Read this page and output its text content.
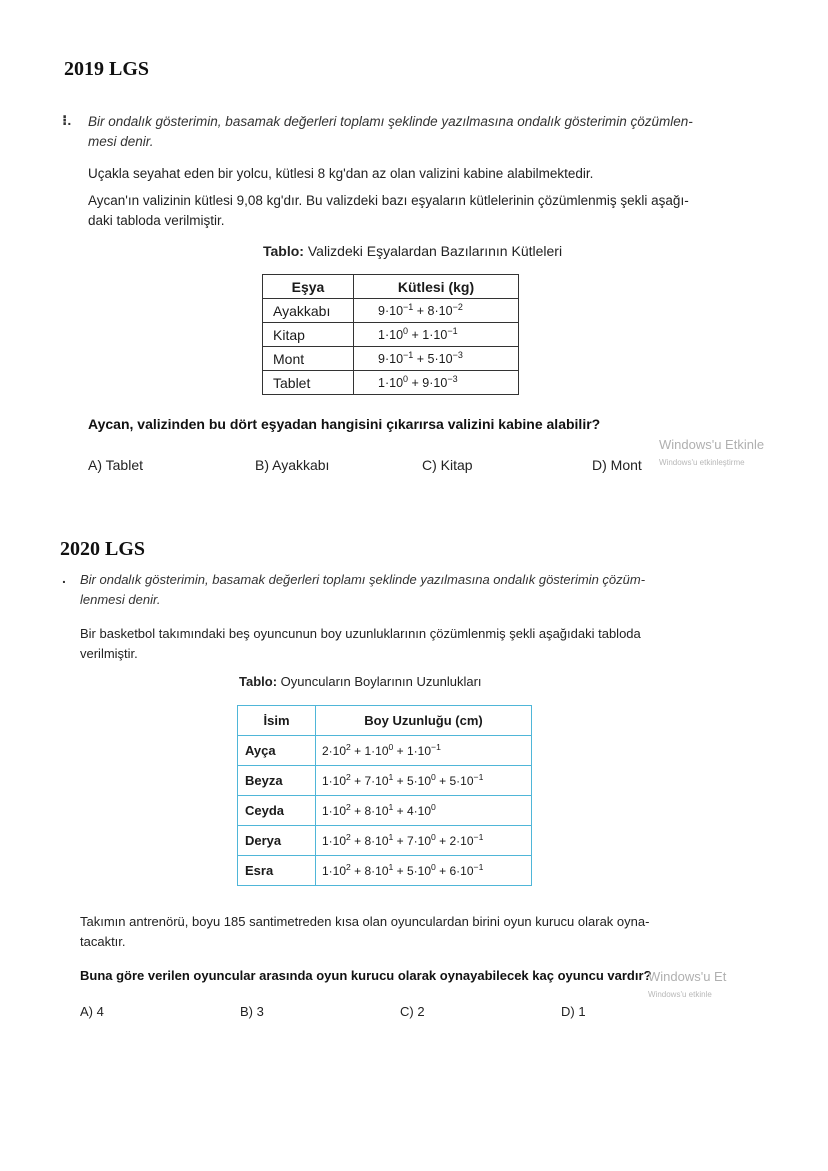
2019 LGS
⁝. Bir ondalık gösterimin, basamak değerleri toplamı şeklinde yazılmasına ondalık gösterimin çözümlen-
mesi denir.
Uçakla seyahat eden bir yolcu, kütlesi 8 kg'dan az olan valizini kabine alabilmektedir.
Aycan'ın valizinin kütlesi 9,08 kg'dır. Bu valizdeki bazı eşyaların kütlelerinin çözümlenmiş şekli aşağı-
daki tabloda verilmiştir.
Tablo: Valizdeki Eşyalardan Bazılarının Kütleleri
Eşya	Kütlesi (kg)
Ayakkabı	$9\cdot 10^{-1} + 8\cdot 10^{-2}$
Kitap	$1\cdot 10^0 + 1\cdot 10^{-1}$
Mont	$9\cdot 10^{-1} + 5\cdot 10^{-3}$
Tablet	$1\cdot 10^0 + 9\cdot 10^{-3}$
Aycan, valizinden bu dört eşyadan hangisini çıkarırsa valizini kabine alabilir?
A) Tablet	B) Ayakkabı	C) Kitap	D) Mont
Windows'u Etkinle
Windows'u etkinleştirme
2020 LGS
. Bir ondalık gösterimin, basamak değerleri toplamı şeklinde yazılmasına ondalık gösterimin çözüm-
lenmesi denir.
Bir basketbol takımındaki beş oyuncunun boy uzunluklarının çözümlenmiş şekli aşağıdaki tabloda
verilmiştir.
Tablo: Oyuncuların Boylarının Uzunlukları
İsim	Boy Uzunluğu (cm)
Ayça	$2\cdot 10^2 + 1\cdot 10^0 + 1\cdot 10^{-1}$
Beyza	$1\cdot 10^2 + 7\cdot 10^1 + 5\cdot 10^0 + 5\cdot 10^{-1}$
Ceyda	$1\cdot 10^2 + 8\cdot 10^1 + 4\cdot 10^0$
Derya	$1\cdot 10^2 + 8\cdot 10^1 + 7\cdot 10^0 + 2\cdot 10^{-1}$
Esra	$1\cdot 10^2 + 8\cdot 10^1 + 5\cdot 10^0 + 6\cdot 10^{-1}$
Takımın antrenörü, boyu 185 santimetreden kısa olan oyunculardan birini oyun kurucu olarak oyna-
tacaktır.
Buna göre verilen oyuncular arasında oyun kurucu olarak oynayabilecek kaç oyuncu vardır?
A) 4	B) 3	C) 2	D) 1
Windows'u Et
Windows'u etkinle
